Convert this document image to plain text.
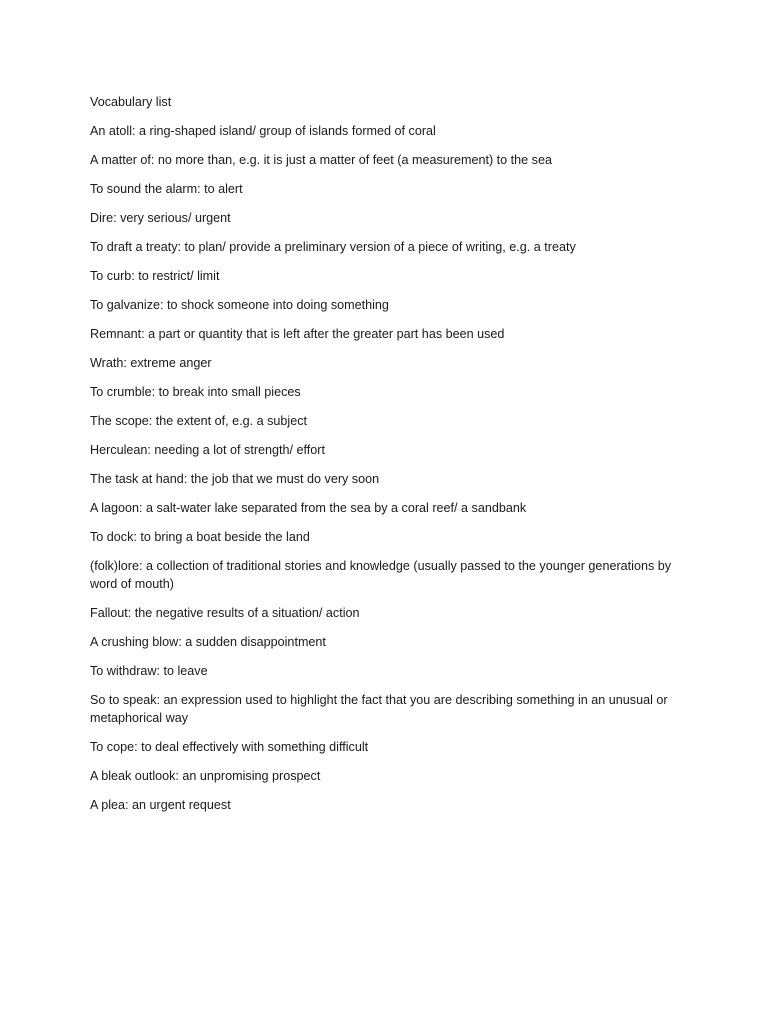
Vocabulary list
An atoll: a ring-shaped island/ group of islands formed of coral
A matter of: no more than, e.g. it is just a matter of feet (a measurement) to the sea
To sound the alarm: to alert
Dire: very serious/ urgent
To draft a treaty: to plan/ provide a preliminary version of a piece of writing, e.g. a treaty
To curb: to restrict/ limit
To galvanize: to shock someone into doing something
Remnant: a part or quantity that is left after the greater part has been used
Wrath: extreme anger
To crumble: to break into small pieces
The scope: the extent of, e.g. a subject
Herculean: needing a lot of strength/ effort
The task at hand: the job that we must do very soon
A lagoon: a salt-water lake separated from the sea by a coral reef/ a sandbank
To dock: to bring a boat beside the land
(folk)lore: a collection of traditional stories and knowledge (usually passed to the younger generations by word of mouth)
Fallout: the negative results of a situation/ action
A crushing blow: a sudden disappointment
To withdraw: to leave
So to speak: an expression used to highlight the fact that you are describing something in an unusual or metaphorical way
To cope: to deal effectively with something difficult
A bleak outlook: an unpromising prospect
A plea: an urgent request
